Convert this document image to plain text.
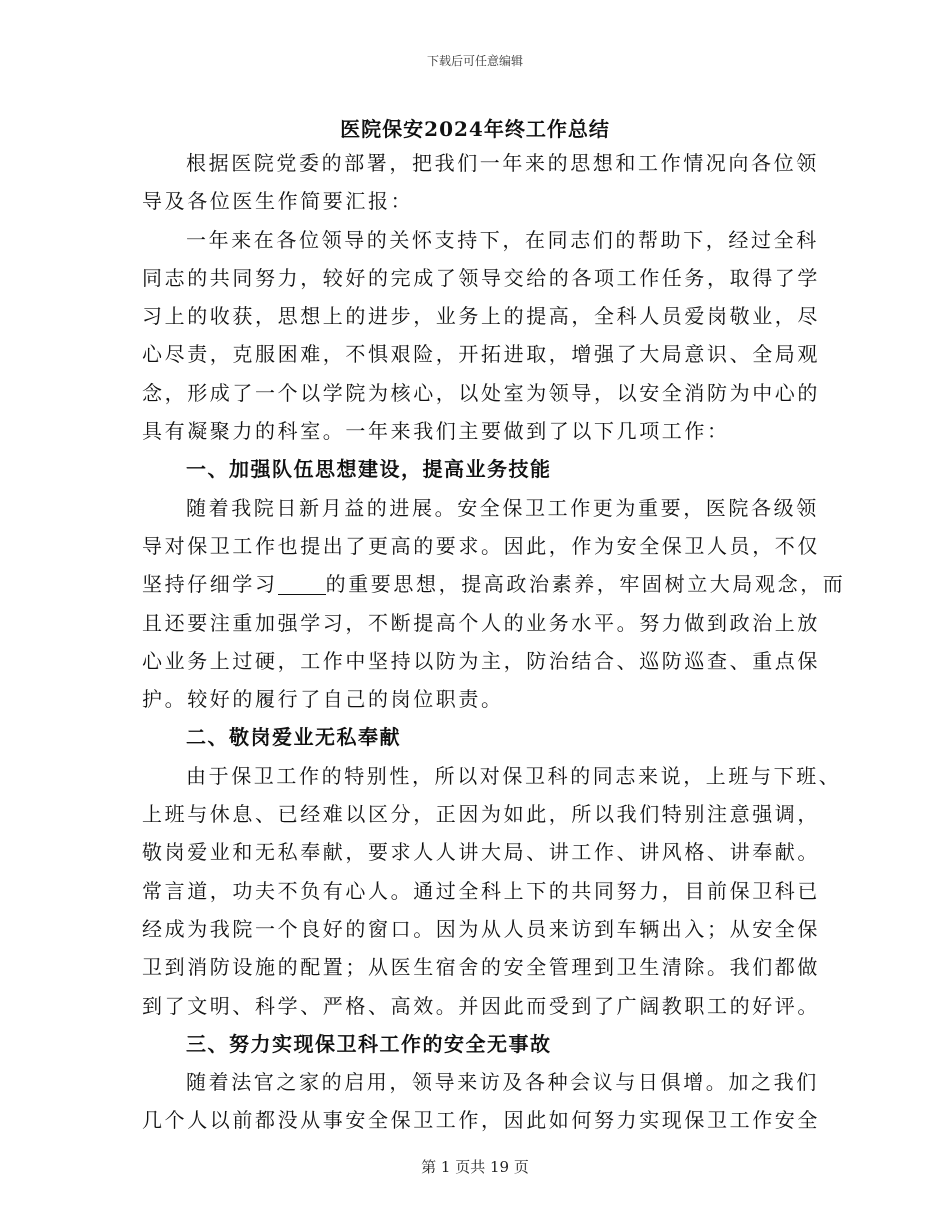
下载后可任意编辑
医院保安2024年终工作总结
根据医院党委的部署，把我们一年来的思想和工作情况向各位领
导及各位医生作简要汇报：
一年来在各位领导的关怀支持下，在同志们的帮助下，经过全科
同志的共同努力，较好的完成了领导交给的各项工作任务，取得了学
习上的收获，思想上的进步，业务上的提高，全科人员爱岗敬业，尽
心尽责，克服困难，不惧艰险，开拓进取，增强了大局意识、全局观
念，形成了一个以学院为核心，以处室为领导，以安全消防为中心的
具有凝聚力的科室。一年来我们主要做到了以下几项工作：
一、加强队伍思想建设，提高业务技能
随着我院日新月益的进展。安全保卫工作更为重要，医院各级领
导对保卫工作也提出了更高的要求。因此，作为安全保卫人员，不仅
坚持仔细学习 的重要思想，提高政治素养，牢固树立大局观念，而
且还要注重加强学习，不断提高个人的业务水平。努力做到政治上放
心业务上过硬，工作中坚持以防为主，防治结合、巡防巡查、重点保
护。较好的履行了自己的岗位职责。
二、敬岗爱业无私奉献
由于保卫工作的特别性，所以对保卫科的同志来说，上班与下班、
上班与休息、已经难以区分，正因为如此，所以我们特别注意强调，
敬岗爱业和无私奉献，要求人人讲大局、讲工作、讲风格、讲奉献。
常言道，功夫不负有心人。通过全科上下的共同努力，目前保卫科已
经成为我院一个良好的窗口。因为从人员来访到车辆出入；从安全保
卫到消防设施的配置；从医生宿舍的安全管理到卫生清除。我们都做
到了文明、科学、严格、高效。并因此而受到了广阔教职工的好评。
三、努力实现保卫科工作的安全无事故
随着法官之家的启用，领导来访及各种会议与日俱增。加之我们
几个人以前都没从事安全保卫工作，因此如何努力实现保卫工作安全
第 1 页共 19 页
